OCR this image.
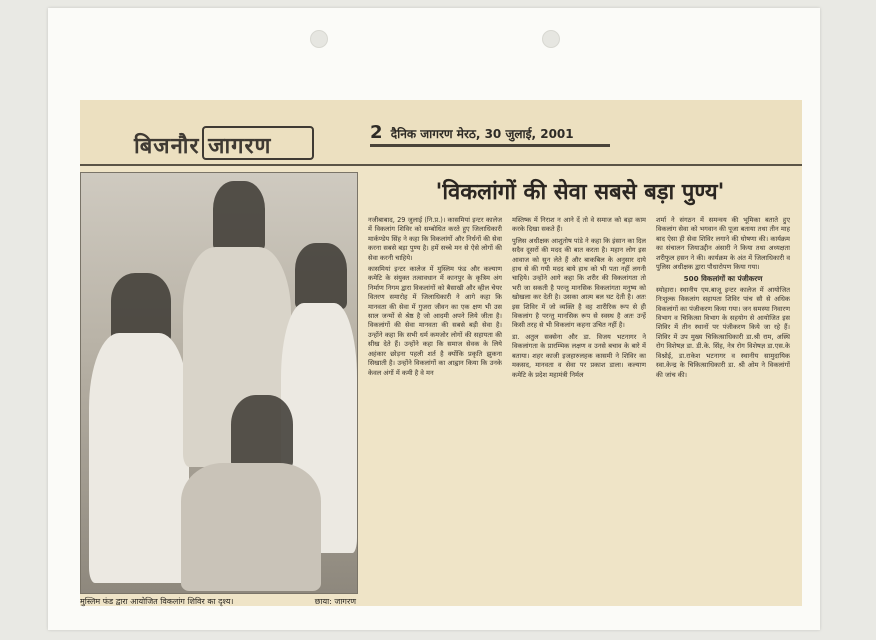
बिजनौर जागरण
2 दैनिक जागरण मेरठ, 30 जुलाई, 2001
मुस्लिम फंड द्वारा आयोजित विकलांग शिविर का दृश्य।	छाया: जागरण
'विकलांगों की सेवा सबसे बड़ा पुण्य'

नजीबाबाद, 29 जुलाई (नि.प्र.)। कासमियां इन्टर कालेज में विकलांग शिविर को सम्बोधित करते हुए जिलाधिकारी मार्कण्डेय सिंह ने कहा कि विकलांगों और निर्धनों की सेवा करना सबसे बड़ा पुण्य है। हमें सच्चे मन से ऐसे लोगों की सेवा करनी चाहिये।

कासमियां इन्टर कालेज में मुस्लिम फंड और कल्याण कमेटि के संयुक्त तत्वावधान में कानपुर के कृत्रिम अंग निर्माण निगम द्वारा विकलांगों को बैसाखी और व्हील चेयर वितरण समारोह में जिलाधिकारी ने आगे कहा कि मानवता की सेवा में गुजरा जीवन का एक क्षण भी उस साल जन्मों से श्रेष्ठ है जो आदमी अपने लिये जीता है। विकलांगों की सेवा मानवता की सबसे बड़ी सेवा है। उन्होंने कहा कि सभी धर्म कमजोर लोगों की सहायता की सीख देते हैं। उन्होंने कहा कि समाज सेवक के लिये अहंकार छोड़ना पहली शर्त है क्योंकि प्रकृति झुकना सिखाती है। उन्होंने विकलांगों का आह्वान किया कि उनके केवल अंगों में कमी है वे मन

मस्तिष्क में निराश न आने दें तो वे समाज को बड़ा काम करके दिखा सकते हैं।

पुलिस अधीक्षक आशुतोष पांडे ने कहा कि इंसान का दिल सदैव दूसरों की मदद की बात करता है। महान लोग इस आवाज को सुन लेते हैं और बाकबिल के अनुसार दाये हाथ से की गयी मदद बाये हाथ को भी पता नहीं लगनी चाहिये। उन्होंने आगे कहा कि शरीर की विकलांगता तो भरी जा सकती है परन्तु मानसिक विकलांगता मनुष्य को खोखला कर देती है। उसका आत्म बल घट देती है। अतः इस शिविर में जो व्यक्ति है वह शारीरिक रूप से ही विकलांग है परन्तु मानसिक रूप से स्वस्थ है अतः उन्हें किसी तरह से भी विकलांग कहना उचित नहीं है।

डा. अतुल सक्सेना और डा. विजय भटनागर ने विकलांगता के प्रारम्भिक लक्षण व उनसे बचाव के बारे में बताया। शहर काजी इजहारुलहक कासमी ने शिविर का मकसद, मानवता व सेवा पर प्रकाश डाला। कल्याण कमेटि के प्रदेश महामंत्री निर्मल

शर्मा ने संगठन में समन्वय की भूमिका बताते हुए विकलांग सेवा को भगवान की पूजा बताया तथा तीन माह बाद ऐसा ही सेवा शिविर लगाने की घोषणा की। कार्यक्रम का संचालन जियाउद्दीन अंसारी ने किया तथा अध्यक्षता शरीफुल हसन ने की। कार्यक्रम के अंत में जिलाधिकारी व पुलिस अधीक्षक द्वारा पौधारोपण किया गया।

500 विकलांगों का पंजीकरण

स्योहारा। स्थानीय एम.बाजू इन्टर कालेज में आयोजित निःशुल्क विकलांग सहायता शिविर पांच सौ से अधिक विकलांगों का पंजीकरण किया गया। जन समस्या निवारण विभाग व चिकित्सा विभाग के सहयोग से आयोजित इस शिविर में तीन स्थानों पर पंजीकरण किये जा रहे हैं। शिविर में उप मुख्य चिकित्साधिकारी डा.श्री राम, अस्थि रोग विशेषज्ञ डा. डी.के. सिंह, नेत्र रोग विशेषज्ञ डा.एस.के विश्नोई, डा.राकेश भटनागर व स्थानीय सामुदायिक स्वा.केन्द्र के चिकित्साधिकारी डा. श्री ओम ने विकलांगों की जांच की।
